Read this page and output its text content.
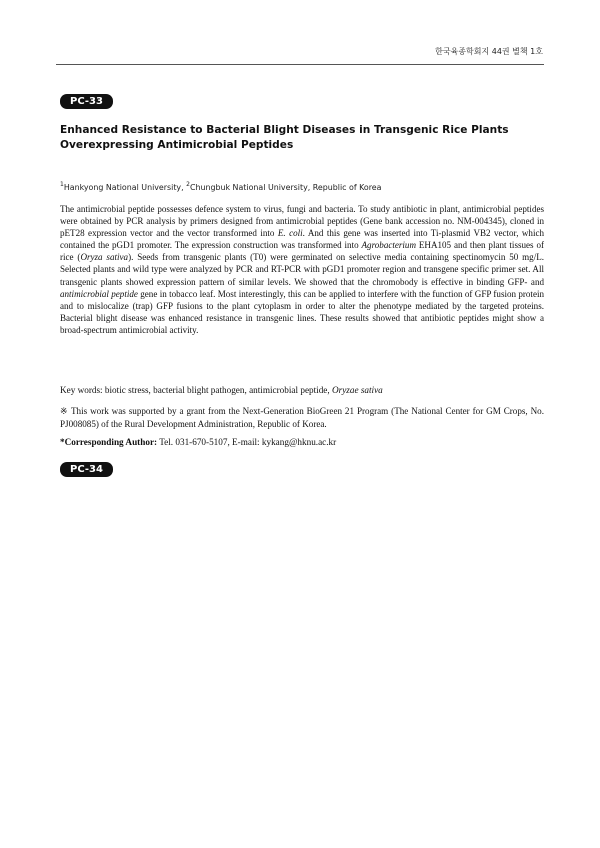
한국육종학회지 44권 별책 1호
PC-33
Enhanced Resistance to Bacterial Blight Diseases in Transgenic Rice Plants
Overexpressing Antimicrobial Peptides
$^1$Hankyong National University, $^2$Chungbuk National University, Republic of Korea

The antimicrobial peptide possesses defence system to virus, fungi and bacteria. To study antibiotic in plant, antimicrobial peptides were obtained by PCR analysis by primers designed from antimicrobial peptides (Gene bank accession no. NM-004345), cloned in pET28 expression vector and the vector transformed into E. coli. And this gene was inserted into Ti-plasmid VB2 vector, which contained the pGD1 promoter. The expression construction was transformed into Agrobacterium EHA105 and then plant tissues of rice (Oryza sativa). Seeds from transgenic plants (T0) were germinated on selective media containing spectinomycin 50 mg/L. Selected plants and wild type were analyzed by PCR and RT-PCR with pGD1 promoter region and transgene specific primer set. All transgenic plants showed expression pattern of similar levels. We showed that the chromobody is effective in binding GFP- and antimicrobial peptide gene in tobacco leaf. Most interestingly, this can be applied to interfere with the function of GFP fusion protein and to mislocalize (trap) GFP fusions to the plant cytoplasm in order to alter the phenotype mediated by the targeted proteins. Bacterial blight disease was enhanced resistance in transgenic lines. These results showed that antibiotic peptides might show a broad-spectrum antimicrobial activity.

Key words: biotic stress, bacterial blight pathogen, antimicrobial peptide, Oryzae sativa
※ This work was supported by a grant from the Next-Generation BioGreen 21 Program (The National Center for GM Crops, No. PJ008085) of the Rural Development Administration, Republic of Korea.
*Corresponding Author: Tel. 031-670-5107, E-mail: kykang@hknu.ac.kr
PC-34
